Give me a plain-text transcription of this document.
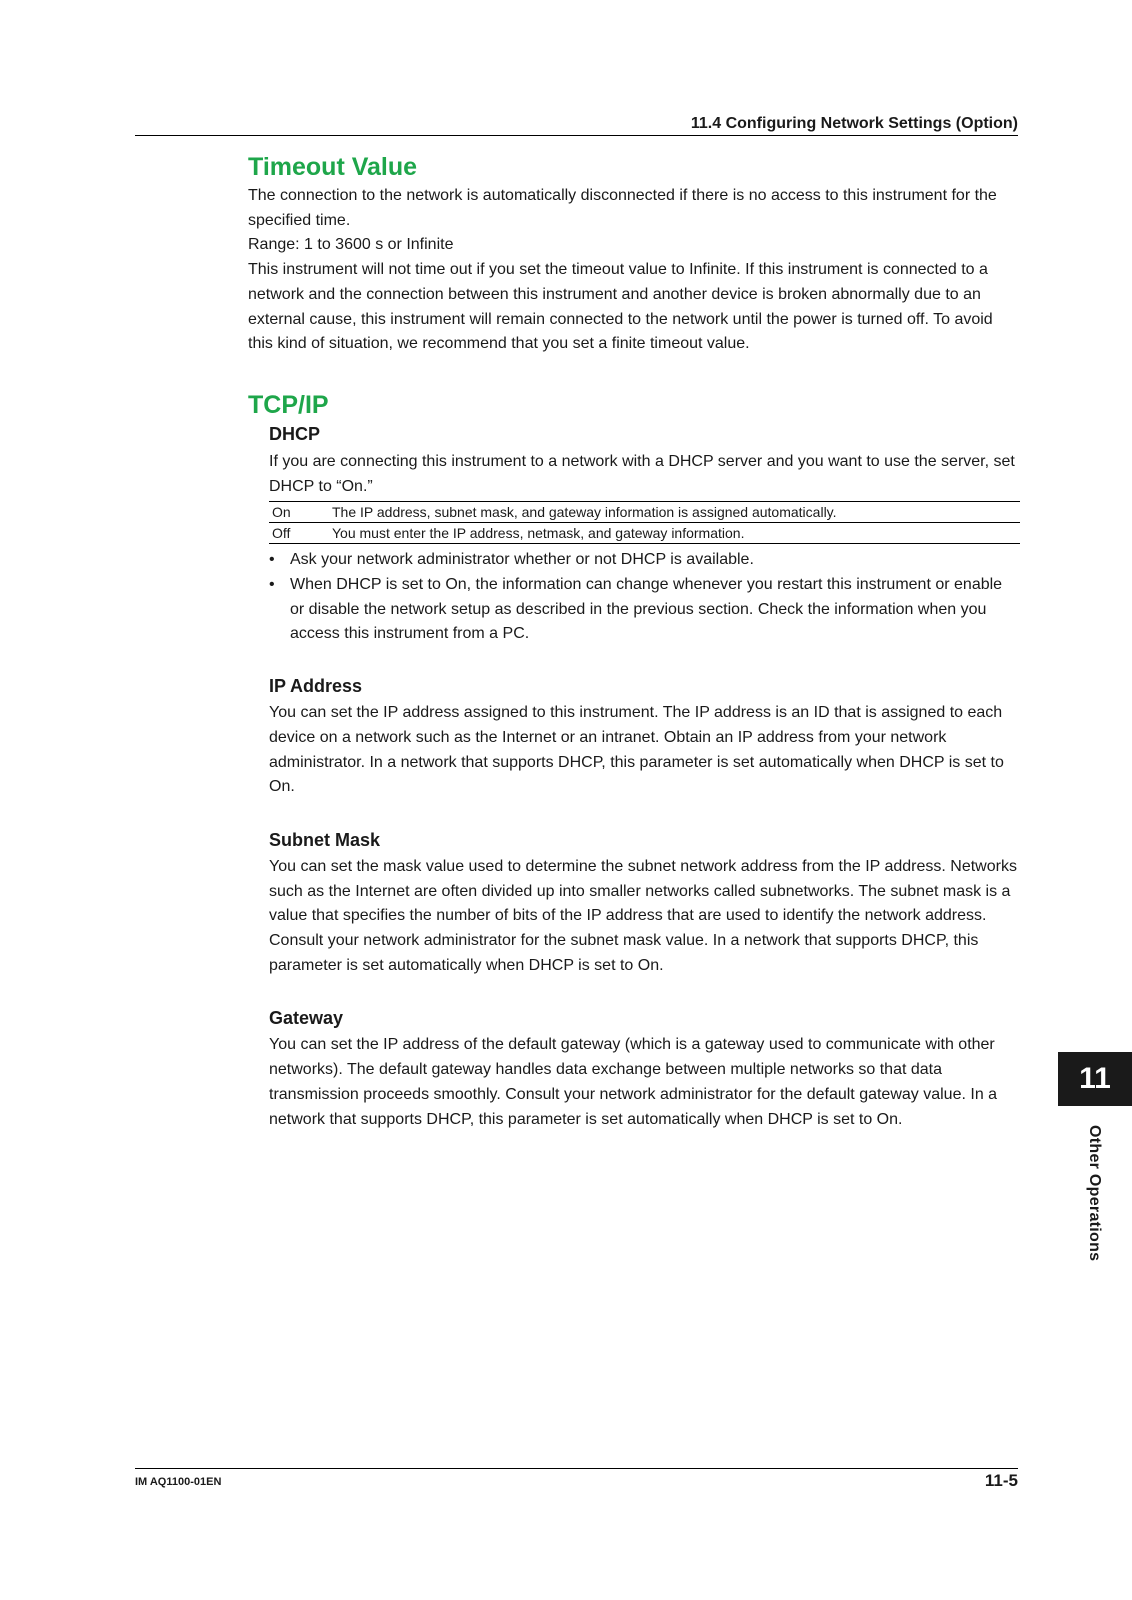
11.4 Configuring Network Settings (Option)
Timeout Value

The connection to the network is automatically disconnected if there is no access to this instrument for the specified time.

Range: 1 to 3600 s or Infinite

This instrument will not time out if you set the timeout value to Infinite. If this instrument is connected to a network and the connection between this instrument and another device is broken abnormally due to an external cause, this instrument will remain connected to the network until the power is turned off. To avoid this kind of situation, we recommend that you set a finite timeout value.

TCP/IP
DHCP

If you are connecting this instrument to a network with a DHCP server and you want to use the server, set DHCP to “On.”

On	The IP address, subnet mask, and gateway information is assigned automatically.
Off	You must enter the IP address, netmask, and gateway information.
• Ask your network administrator whether or not DHCP is available.
• When DHCP is set to On, the information can change whenever you restart this instrument or enable or disable the network setup as described in the previous section. Check the information when you access this instrument from a PC.
IP Address

You can set the IP address assigned to this instrument. The IP address is an ID that is assigned to each device on a network such as the Internet or an intranet. Obtain an IP address from your network administrator. In a network that supports DHCP, this parameter is set automatically when DHCP is set to On.

Subnet Mask

You can set the mask value used to determine the subnet network address from the IP address. Networks such as the Internet are often divided up into smaller networks called subnetworks. The subnet mask is a value that specifies the number of bits of the IP address that are used to identify the network address. Consult your network administrator for the subnet mask value. In a network that supports DHCP, this parameter is set automatically when DHCP is set to On.

Gateway

You can set the IP address of the default gateway (which is a gateway used to communicate with other networks). The default gateway handles data exchange between multiple networks so that data transmission proceeds smoothly. Consult your network administrator for the default gateway value. In a network that supports DHCP, this parameter is set automatically when DHCP is set to On.

11
Other Operations
IM AQ1100-01EN	11-5
